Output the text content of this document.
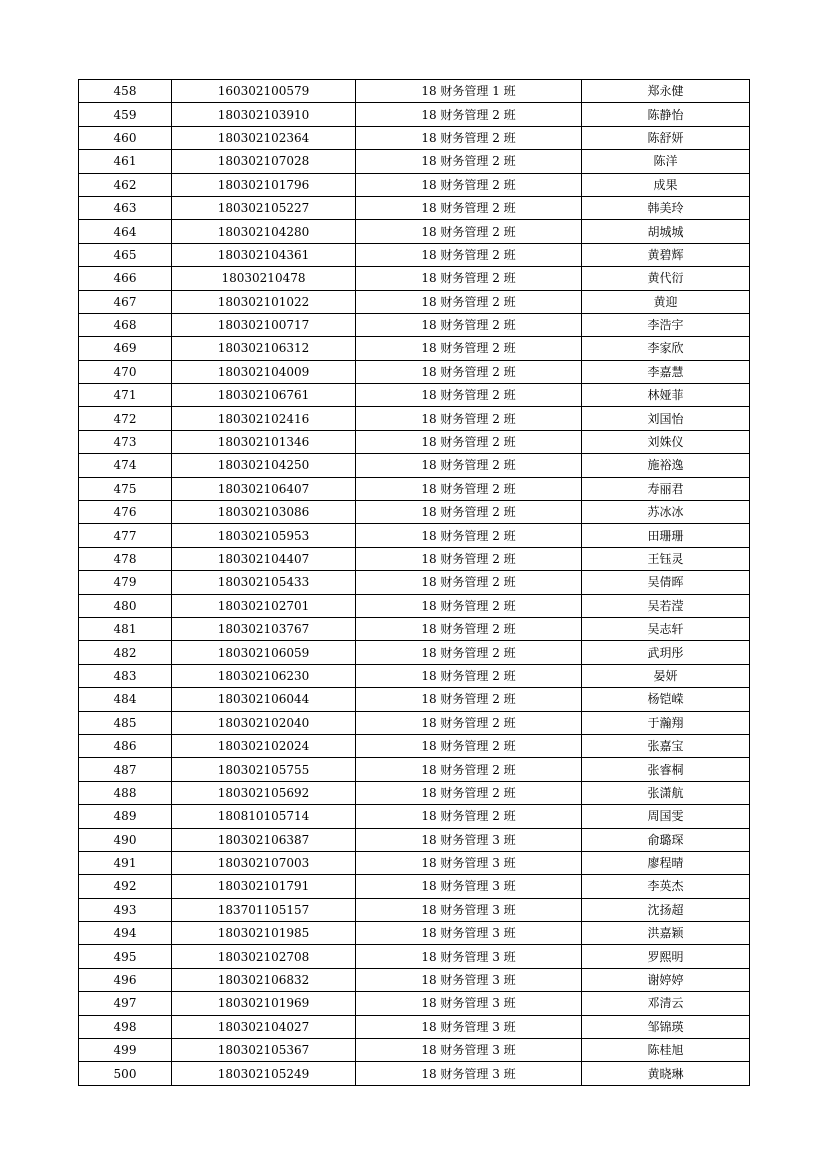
458	160302100579	18 财务管理 1 班	郑永健
459	180302103910	18 财务管理 2 班	陈静怡
460	180302102364	18 财务管理 2 班	陈舒妍
461	180302107028	18 财务管理 2 班	陈洋
462	180302101796	18 财务管理 2 班	成果
463	180302105227	18 财务管理 2 班	韩美玲
464	180302104280	18 财务管理 2 班	胡城城
465	180302104361	18 财务管理 2 班	黄碧辉
466	18030210478	18 财务管理 2 班	黄代衍
467	180302101022	18 财务管理 2 班	黄迎
468	180302100717	18 财务管理 2 班	李浩宇
469	180302106312	18 财务管理 2 班	李家欣
470	180302104009	18 财务管理 2 班	李嘉慧
471	180302106761	18 财务管理 2 班	林娅菲
472	180302102416	18 财务管理 2 班	刘国怡
473	180302101346	18 财务管理 2 班	刘姝仪
474	180302104250	18 财务管理 2 班	施裕逸
475	180302106407	18 财务管理 2 班	寿丽君
476	180302103086	18 财务管理 2 班	苏冰冰
477	180302105953	18 财务管理 2 班	田珊珊
478	180302104407	18 财务管理 2 班	王钰灵
479	180302105433	18 财务管理 2 班	吴倩晖
480	180302102701	18 财务管理 2 班	吴若滢
481	180302103767	18 财务管理 2 班	吴志轩
482	180302106059	18 财务管理 2 班	武玥彤
483	180302106230	18 财务管理 2 班	晏妍
484	180302106044	18 财务管理 2 班	杨铠嵘
485	180302102040	18 财务管理 2 班	于瀚翔
486	180302102024	18 财务管理 2 班	张嘉宝
487	180302105755	18 财务管理 2 班	张睿桐
488	180302105692	18 财务管理 2 班	张潇航
489	180810105714	18 财务管理 2 班	周国雯
490	180302106387	18 财务管理 3 班	俞璐琛
491	180302107003	18 财务管理 3 班	廖程晴
492	180302101791	18 财务管理 3 班	李英杰
493	183701105157	18 财务管理 3 班	沈扬超
494	180302101985	18 财务管理 3 班	洪嘉颖
495	180302102708	18 财务管理 3 班	罗熙明
496	180302106832	18 财务管理 3 班	谢婷婷
497	180302101969	18 财务管理 3 班	邓清云
498	180302104027	18 财务管理 3 班	邹锦瑛
499	180302105367	18 财务管理 3 班	陈桂旭
500	180302105249	18 财务管理 3 班	黄晓琳
